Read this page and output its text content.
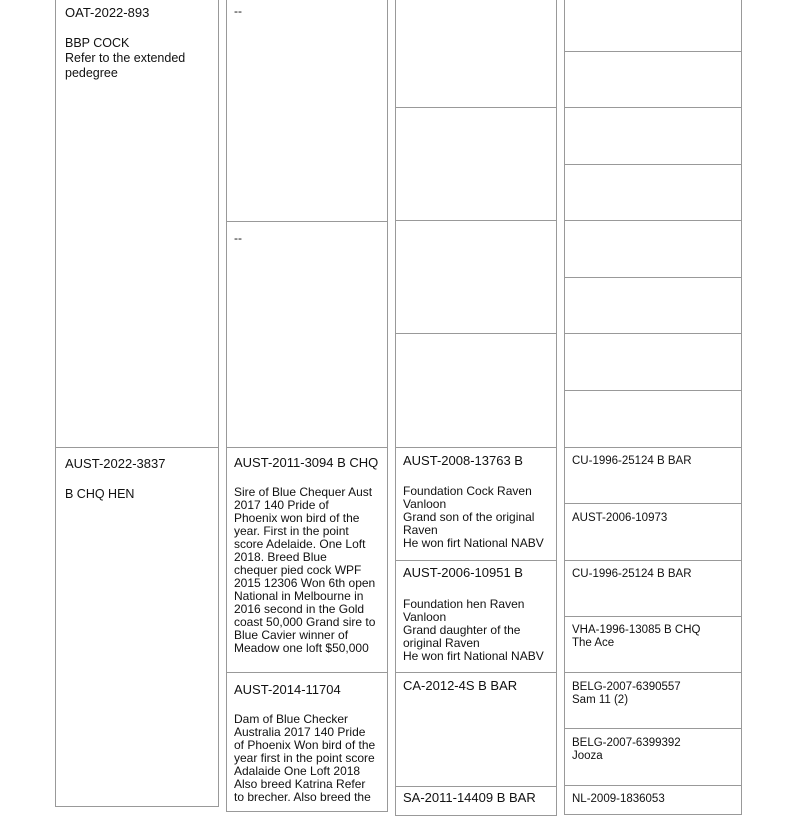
OAT-2022-893
BBP COCK
Refer to the extended
pedegree
--
--
AUST-2022-3837
B CHQ HEN
AUST-2011-3094 B CHQ
Sire of Blue Chequer Aust
2017 140 Pride of
Phoenix won bird of the
year. First in the point
score Adelaide. One Loft
2018. Breed Blue
chequer pied cock WPF
2015 12306 Won 6th open
National in Melbourne in
2016 second in the Gold
coast 50,000 Grand sire to
Blue Cavier winner of
Meadow one loft $50,000
AUST-2014-11704
Dam of Blue Checker
Australia 2017 140 Pride
of Phoenix Won bird of the
year first in the point score
Adalaide One Loft 2018
Also breed Katrina Refer
to brecher. Also breed the
AUST-2008-13763 B
Foundation Cock Raven
Vanloon
Grand son of the original
Raven
He won firt National NABV
AUST-2006-10951 B
Foundation hen Raven
Vanloon
Grand daughter of the
original Raven
He won firt National NABV
CA-2012-4S B BAR
SA-2011-14409 B BAR
CU-1996-25124 B BAR
AUST-2006-10973
CU-1996-25124 B BAR
VHA-1996-13085 B CHQ
The Ace
BELG-2007-6390557
Sam 11 (2)
BELG-2007-6399392
Jooza
NL-2009-1836053
